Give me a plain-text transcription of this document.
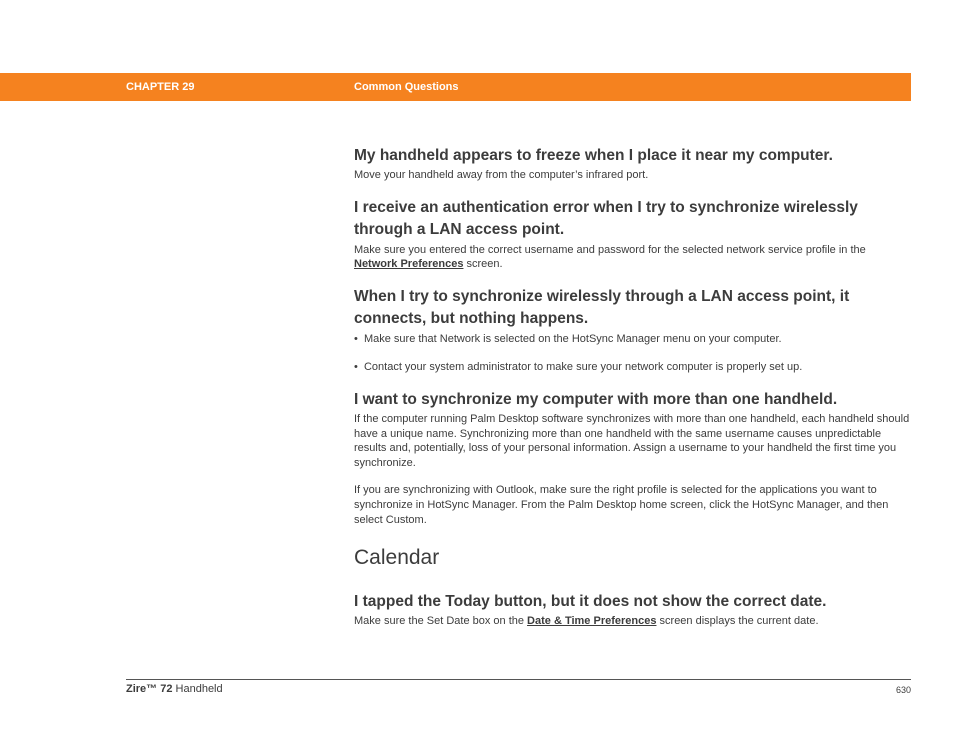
CHAPTER 29	Common Questions
My handheld appears to freeze when I place it near my computer.

Move your handheld away from the computer’s infrared port.

I receive an authentication error when I try to synchronize wirelessly through a LAN access point.

Make sure you entered the correct username and password for the selected network service profile in the Network Preferences screen.

When I try to synchronize wirelessly through a LAN access point, it connects, but nothing happens.

•  Make sure that Network is selected on the HotSync Manager menu on your computer.

•  Contact your system administrator to make sure your network computer is properly set up.

I want to synchronize my computer with more than one handheld.

If the computer running Palm Desktop software synchronizes with more than one handheld, each handheld should have a unique name. Synchronizing more than one handheld with the same username causes unpredictable results and, potentially, loss of your personal information. Assign a username to your handheld the first time you synchronize.

If you are synchronizing with Outlook, make sure the right profile is selected for the applications you want to synchronize in HotSync Manager. From the Palm Desktop home screen, click the HotSync Manager, and then select Custom.

Calendar
I tapped the Today button, but it does not show the correct date.

Make sure the Set Date box on the Date & Time Preferences screen displays the current date.

Zire™ 72 Handheld	630
